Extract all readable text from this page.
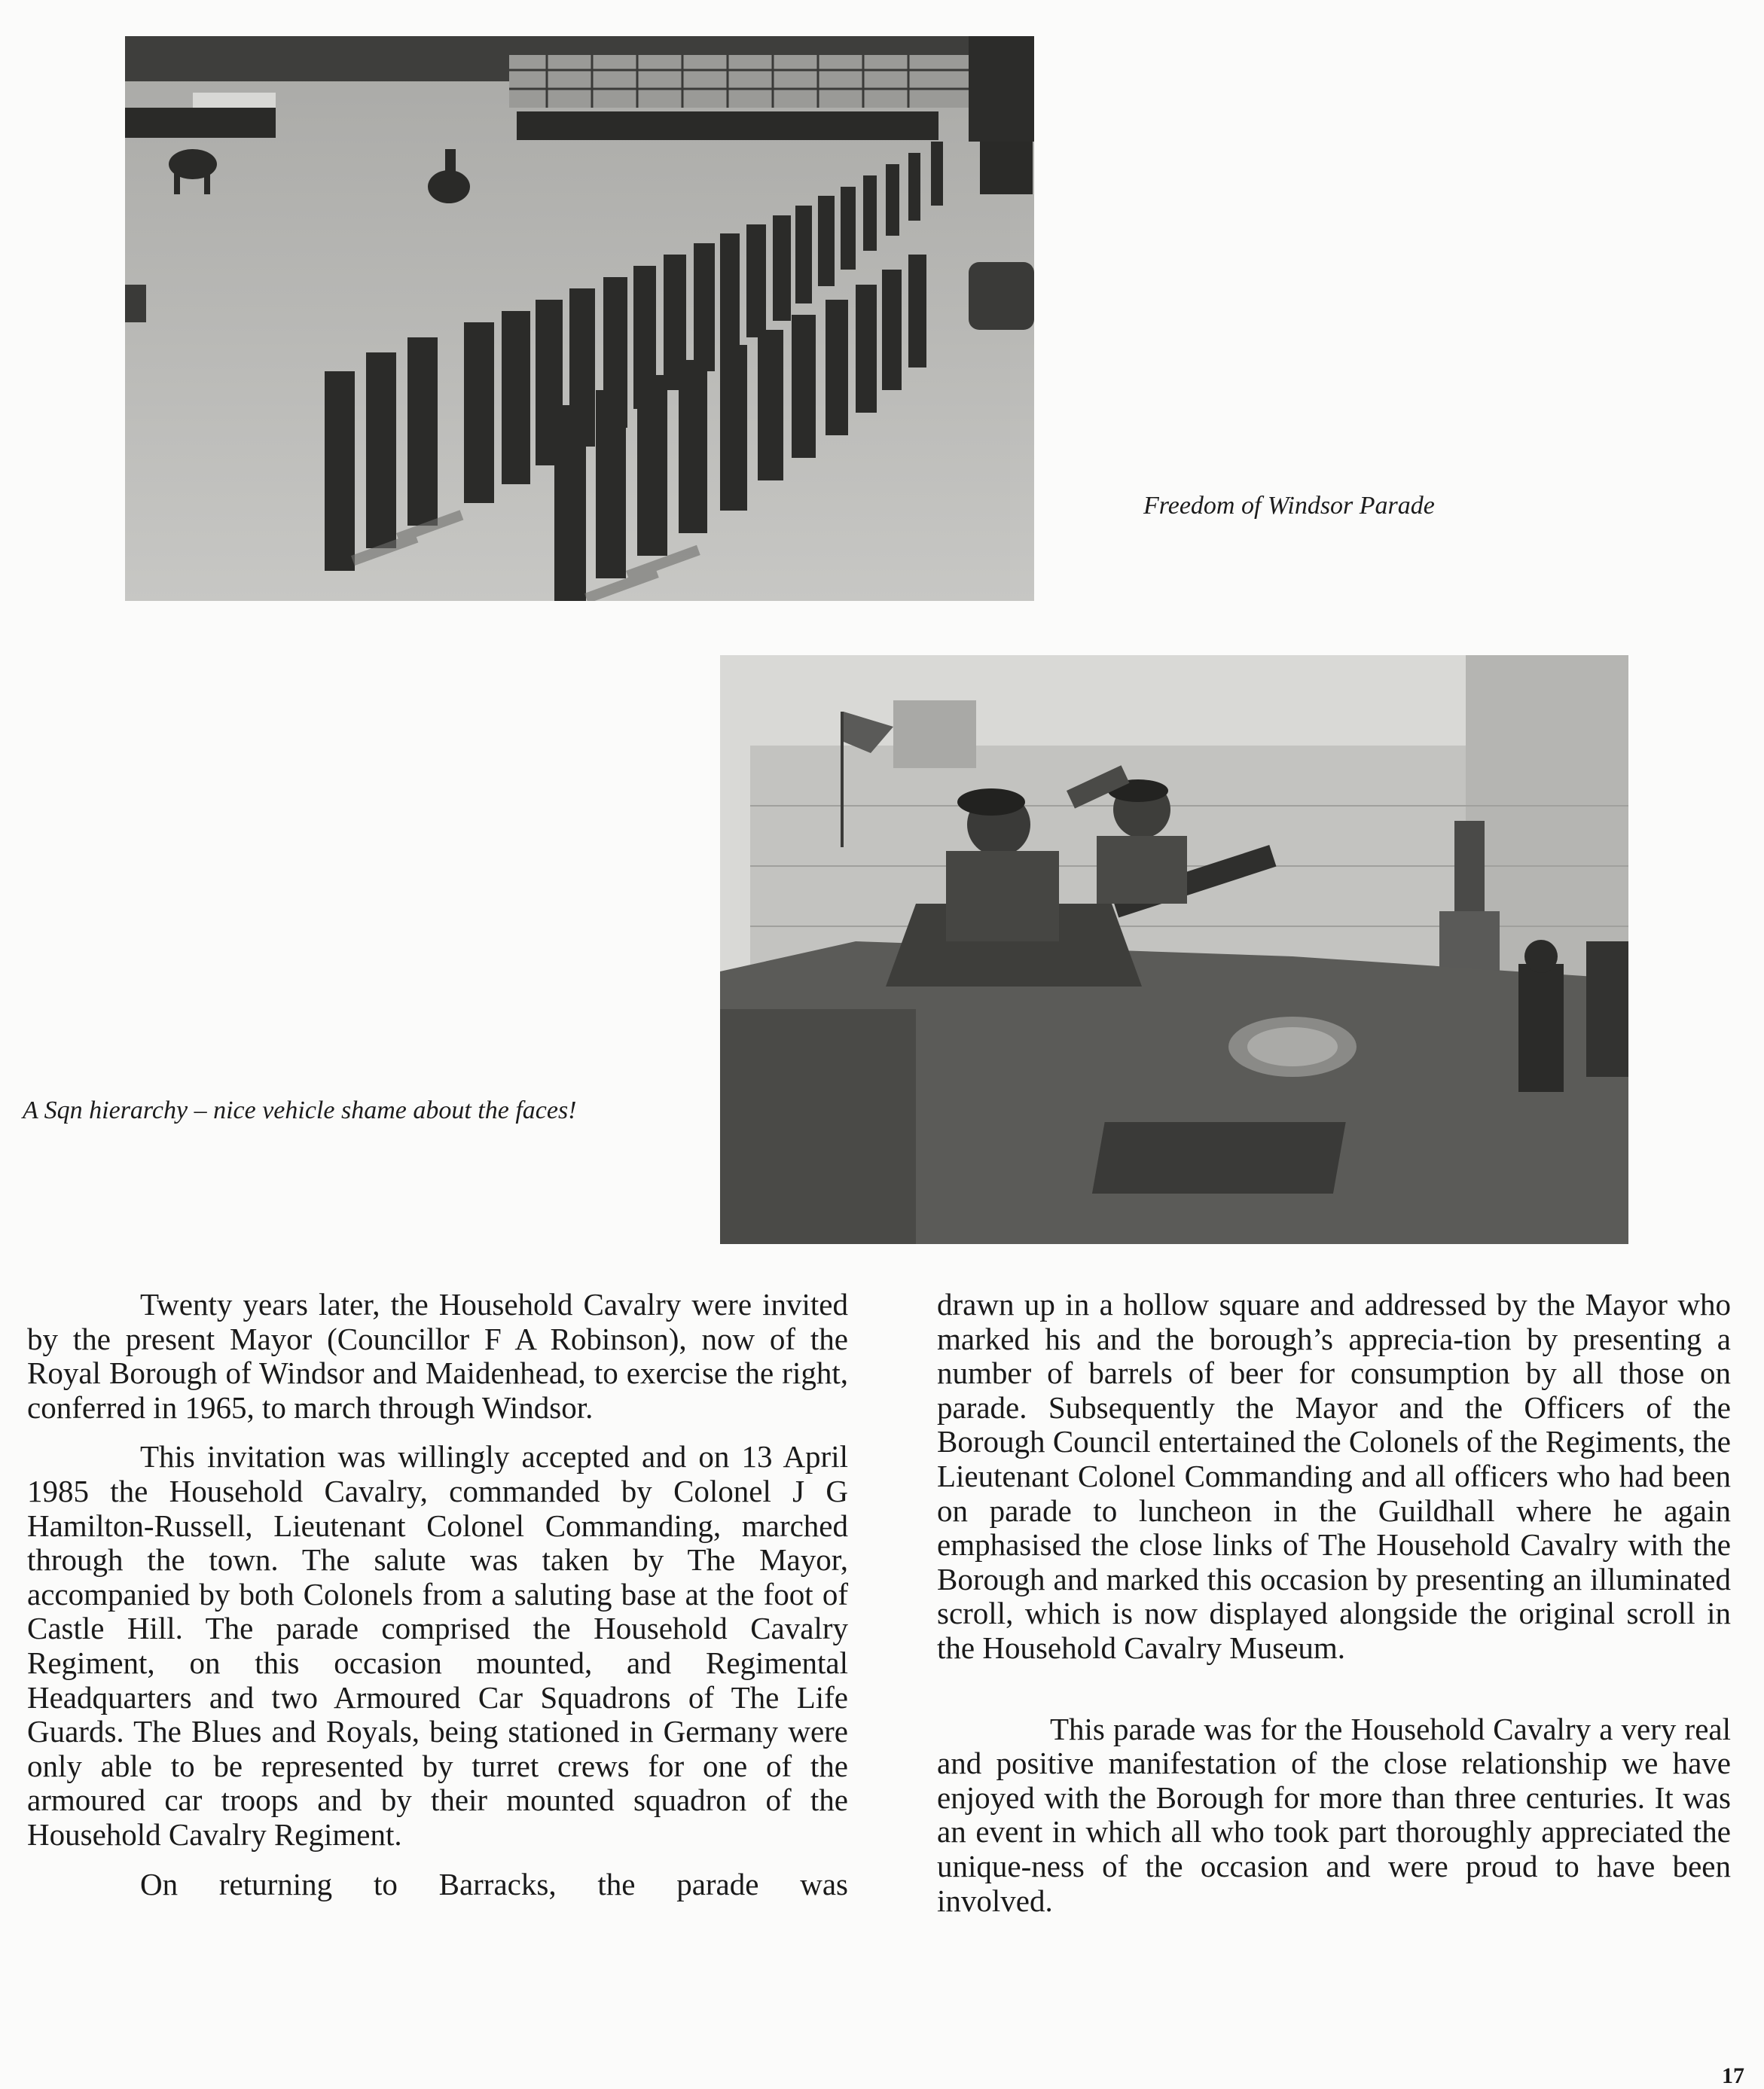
Freedom of Windsor Parade
A Sqn hierarchy – nice vehicle shame about the faces!

Twenty years later, the Household Cavalry were invited by the present Mayor (Councillor F A Robinson), now of the Royal Borough of Windsor and Maidenhead, to exercise the right, conferred in 1965, to march through Windsor.

This invitation was willingly accepted and on 13 April 1985 the Household Cavalry, commanded by Colonel J G Hamilton-Russell, Lieutenant Colonel Commanding, marched through the town. The salute was taken by The Mayor, accompanied by both Colonels from a saluting base at the foot of Castle Hill. The parade comprised the Household Cavalry Regiment, on this occasion mounted, and Regimental Headquarters and two Armoured Car Squadrons of The Life Guards. The Blues and Royals, being stationed in Germany were only able to be represented by turret crews for one of the armoured car troops and by their mounted squadron of the Household Cavalry Regiment.

On returning to Barracks, the parade was

drawn up in a hollow square and addressed by the Mayor who marked his and the borough’s apprecia-tion by presenting a number of barrels of beer for consumption by all those on parade. Subsequently the Mayor and the Officers of the Borough Council entertained the Colonels of the Regiments, the Lieutenant Colonel Commanding and all officers who had been on parade to luncheon in the Guildhall where he again emphasised the close links of The Household Cavalry with the Borough and marked this occasion by presenting an illuminated scroll, which is now displayed alongside the original scroll in the Household Cavalry Museum.

This parade was for the Household Cavalry a very real and positive manifestation of the close relationship we have enjoyed with the Borough for more than three centuries. It was an event in which all who took part thoroughly appreciated the unique-ness of the occasion and were proud to have been involved.

17
